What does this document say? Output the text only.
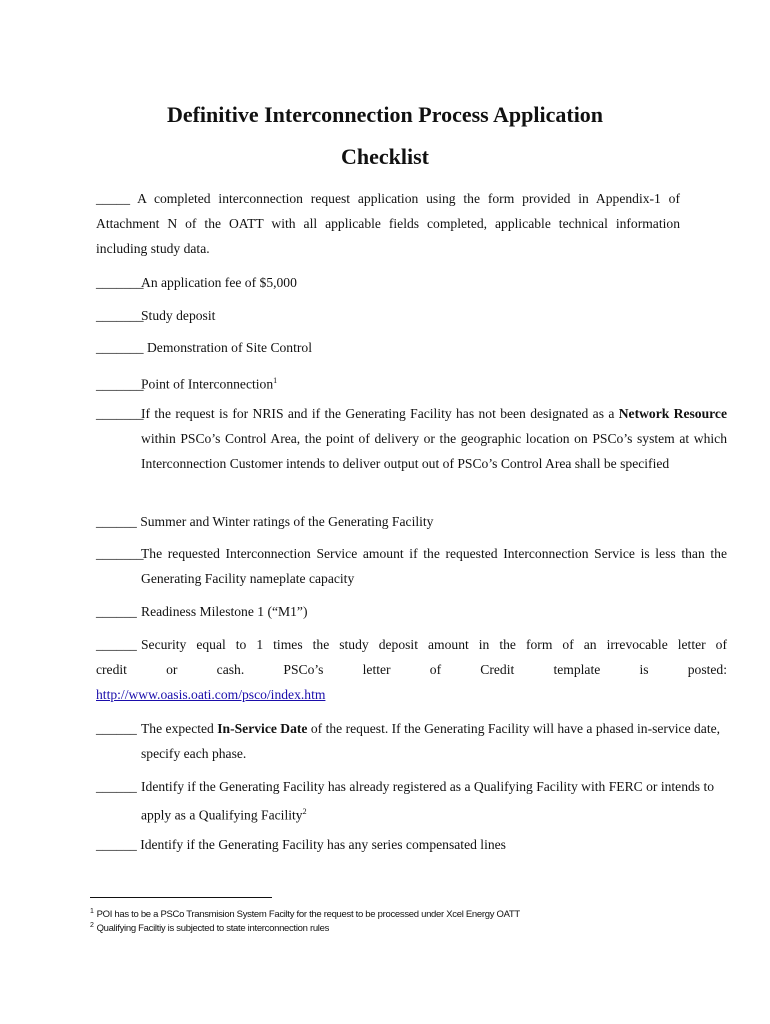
Definitive Interconnection Process Application
Checklist

_____ A completed interconnection request application using the form provided in Appendix-1 of Attachment N of the OATT with all applicable fields completed, applicable technical information including study data.

_______An application fee of $5,000
_______Study deposit
_______ Demonstration of Site Control
_______Point of Interconnection$^1$
_______If the request is for NRIS and if the Generating Facility has not been designated as a Network Resource within PSCo’s Control Area, the point of delivery or the geographic location on PSCo’s system at which Interconnection Customer intends to deliver output out of PSCo’s Control Area shall be specified
______ Summer and Winter ratings of the Generating Facility
_______The requested Interconnection Service amount if the requested Interconnection Service is less than the Generating Facility nameplate capacity
______ Readiness Milestone 1 (“M1”)
______ Security equal to 1 times the study deposit amount in the form of an irrevocable letter of
credit or cash. PSCo’s letter of Credit template is posted:
http://www.oasis.oati.com/psco/index.htm
______ The expected In-Service Date of the request. If the Generating Facility will have a phased in-service date, specify each phase.
______ Identify if the Generating Facility has already registered as a Qualifying Facility with FERC or intends to apply as a Qualifying Facility$^2$
______ Identify if the Generating Facility has any series compensated lines
$^1$ POI has to be a PSCo Transmision System Facilty for the request to be processed under Xcel Energy OATT
$^2$ Qualifying Faciltiy is subjected to state interconnection rules
